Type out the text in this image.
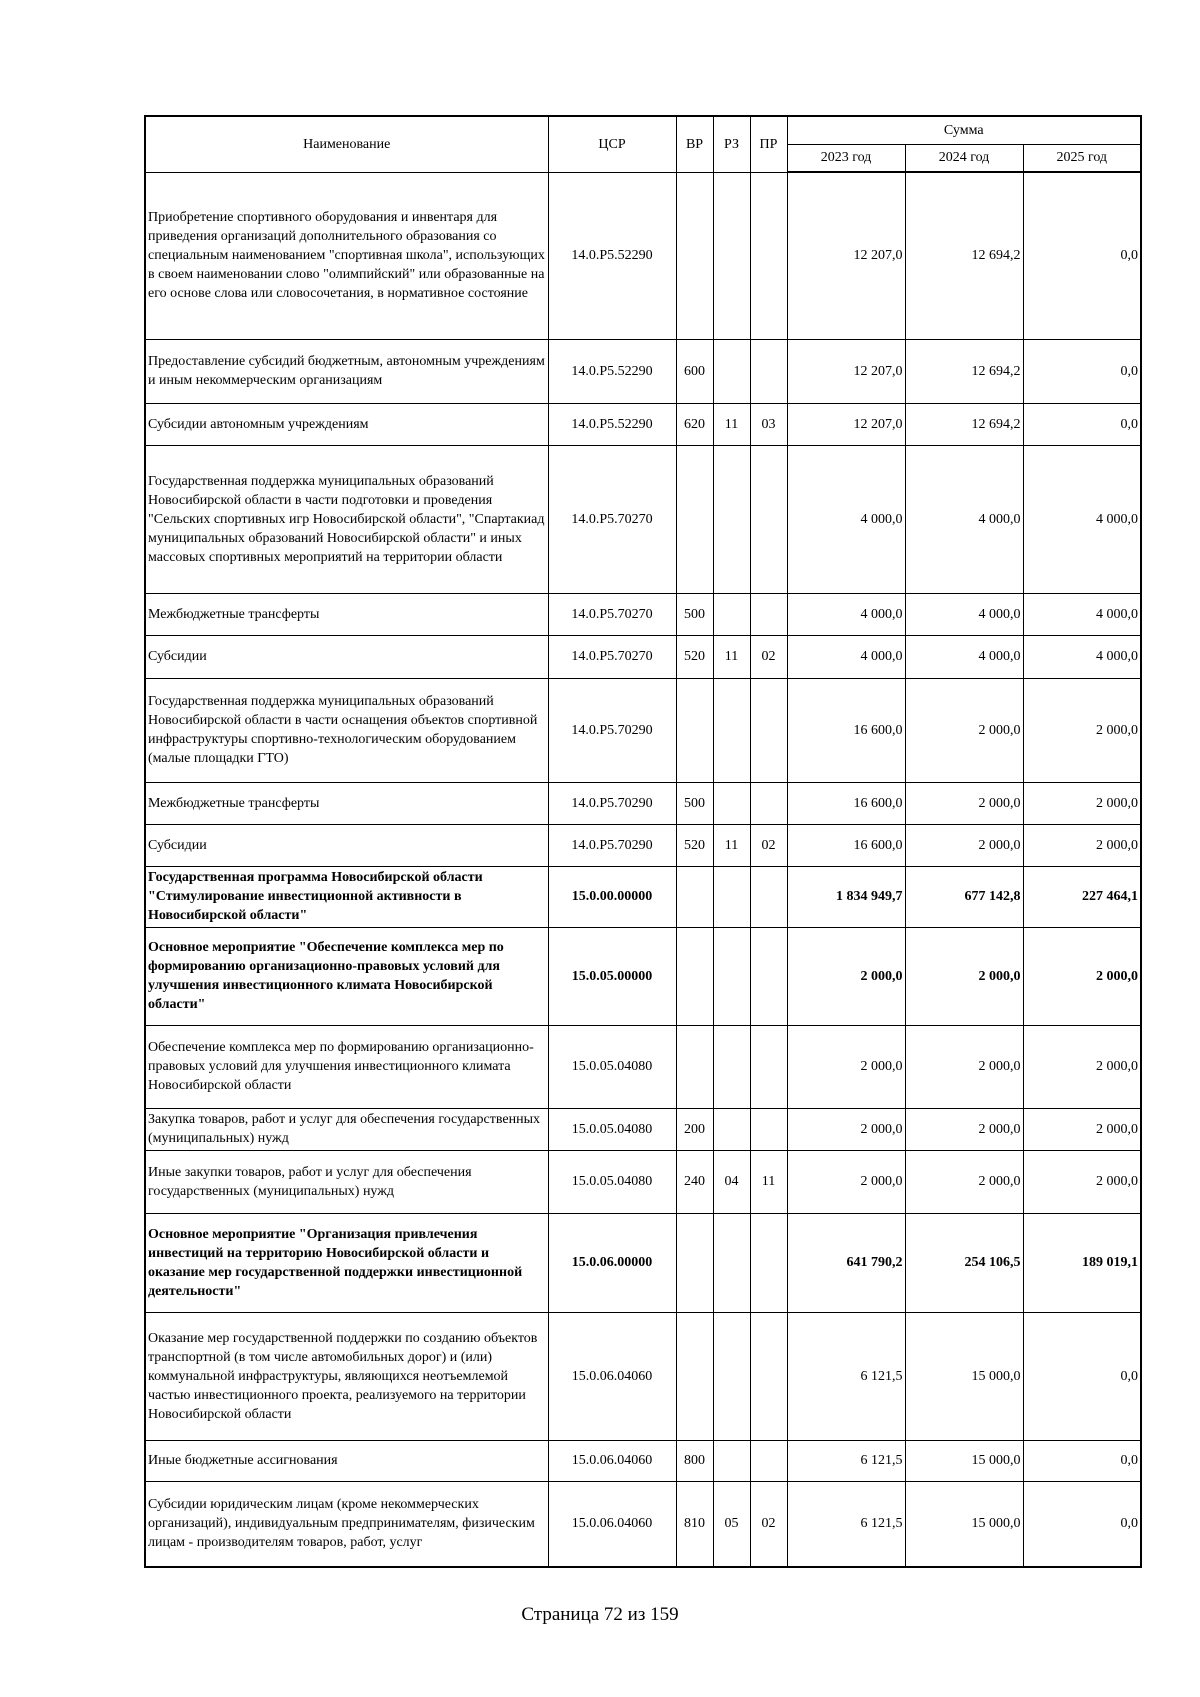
Наименование	ЦСР	ВР	РЗ	ПР	Сумма		
					2023 год	2024 год	2025 год
Приобретение спортивного оборудования и инвентаря для приведения организаций дополнительного образования со специальным наименованием "спортивная школа", использующих в своем наименовании слово "олимпийский" или образованные на его основе слова или словосочетания, в нормативное состояние	14.0.P5.52290				12 207,0	12 694,2	0,0
Предоставление субсидий бюджетным, автономным учреждениям и иным некоммерческим организациям	14.0.P5.52290	600			12 207,0	12 694,2	0,0
Субсидии автономным учреждениям	14.0.P5.52290	620	11	03	12 207,0	12 694,2	0,0
Государственная поддержка муниципальных образований Новосибирской области в части подготовки и проведения "Сельских спортивных игр Новосибирской области", "Спартакиад муниципальных образований Новосибирской области" и иных массовых спортивных мероприятий на территории области	14.0.P5.70270				4 000,0	4 000,0	4 000,0
Межбюджетные трансферты	14.0.P5.70270	500			4 000,0	4 000,0	4 000,0
Субсидии	14.0.P5.70270	520	11	02	4 000,0	4 000,0	4 000,0
Государственная поддержка муниципальных образований Новосибирской области в части оснащения объектов спортивной инфраструктуры спортивно-технологическим оборудованием (малые площадки ГТО)	14.0.P5.70290				16 600,0	2 000,0	2 000,0
Межбюджетные трансферты	14.0.P5.70290	500			16 600,0	2 000,0	2 000,0
Субсидии	14.0.P5.70290	520	11	02	16 600,0	2 000,0	2 000,0
Государственная программа Новосибирской области "Стимулирование инвестиционной активности в Новосибирской области"	15.0.00.00000				1 834 949,7	677 142,8	227 464,1
Основное мероприятие "Обеспечение комплекса мер по формированию организационно-правовых условий для улучшения инвестиционного климата Новосибирской области"	15.0.05.00000				2 000,0	2 000,0	2 000,0
Обеспечение комплекса мер по формированию организационно-правовых условий для улучшения инвестиционного климата Новосибирской области	15.0.05.04080				2 000,0	2 000,0	2 000,0
Закупка товаров, работ и услуг для обеспечения государственных (муниципальных) нужд	15.0.05.04080	200			2 000,0	2 000,0	2 000,0
Иные закупки товаров, работ и услуг для обеспечения государственных (муниципальных) нужд	15.0.05.04080	240	04	11	2 000,0	2 000,0	2 000,0
Основное мероприятие "Организация привлечения инвестиций на территорию Новосибирской области и оказание мер государственной поддержки инвестиционной деятельности"	15.0.06.00000				641 790,2	254 106,5	189 019,1
Оказание мер государственной поддержки по созданию объектов транспортной (в том числе автомобильных дорог) и (или) коммунальной инфраструктуры, являющихся неотъемлемой частью инвестиционного проекта, реализуемого на территории Новосибирской области	15.0.06.04060				6 121,5	15 000,0	0,0
Иные бюджетные ассигнования	15.0.06.04060	800			6 121,5	15 000,0	0,0
Субсидии юридическим лицам (кроме некоммерческих организаций), индивидуальным предпринимателям, физическим лицам - производителям товаров, работ, услуг	15.0.06.04060	810	05	02	6 121,5	15 000,0	0,0
Страница 72 из 159
